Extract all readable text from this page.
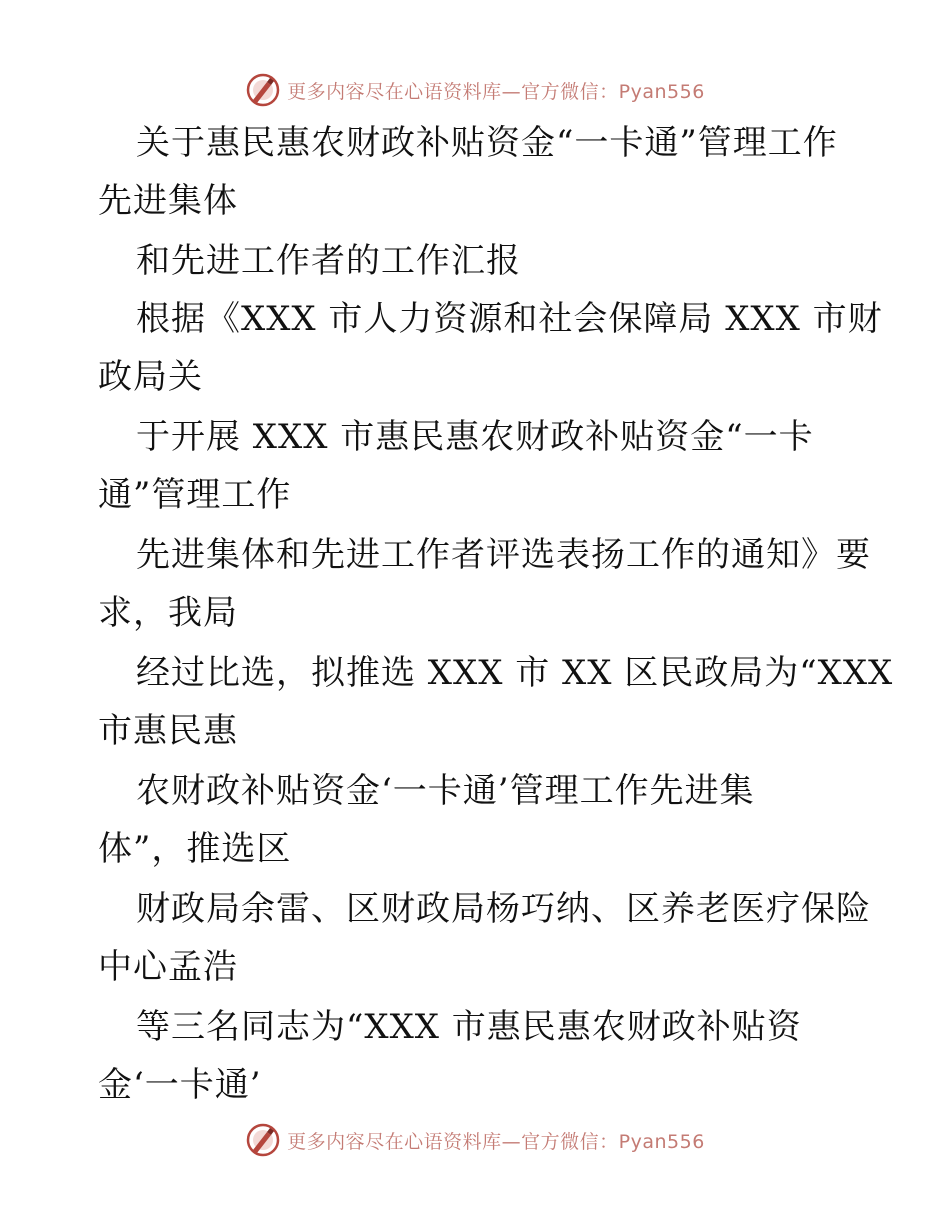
更多内容尽在心语资料库—官方微信：Pyan556
关于惠民惠农财政补贴资金“一卡通”管理工作
先进集体
和先进工作者的工作汇报
根据《XXX 市人力资源和社会保障局 XXX 市财
政局关
于开展 XXX 市惠民惠农财政补贴资金“一卡
通”管理工作
先进集体和先进工作者评选表扬工作的通知》要
求，我局
经过比选，拟推选 XXX 市 XX 区民政局为“XXX
市惠民惠
农财政补贴资金‘一卡通’管理工作先进集
体”，推选区
财政局余雷、区财政局杨巧纳、区养老医疗保险
中心孟浩
等三名同志为“XXX 市惠民惠农财政补贴资
金‘一卡通’
更多内容尽在心语资料库—官方微信：Pyan556
